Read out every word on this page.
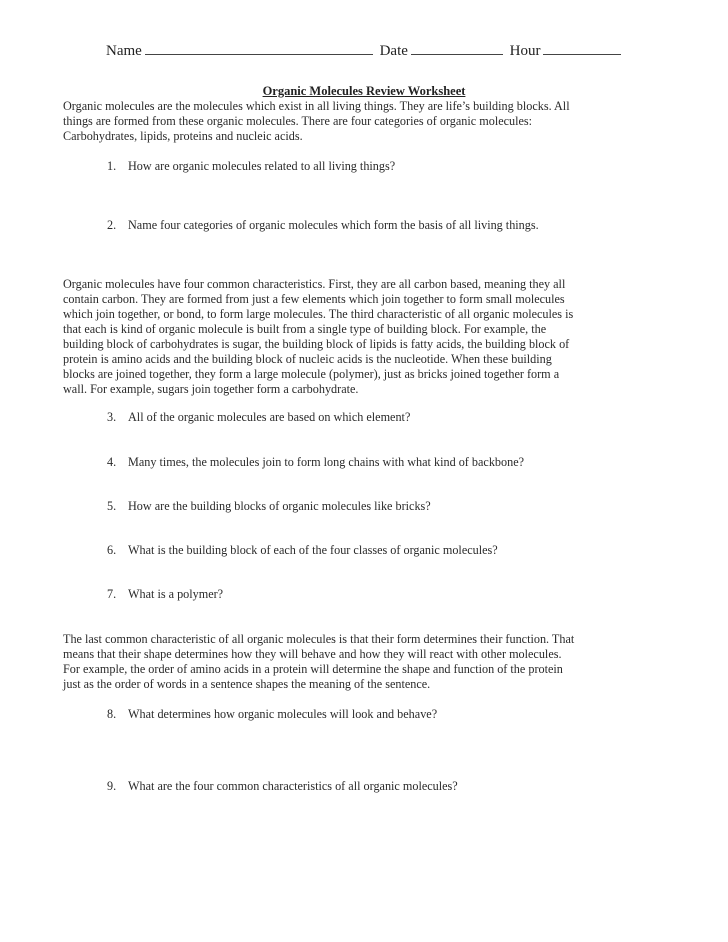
Name	Date	Hour
Organic Molecules Review Worksheet
Organic molecules are the molecules which exist in all living things. They are life’s building blocks. All
things are formed from these organic molecules. There are four categories of organic molecules:
Carbohydrates, lipids, proteins and nucleic acids.
1. How are organic molecules related to all living things?
2. Name four categories of organic molecules which form the basis of all living things.
Organic molecules have four common characteristics. First, they are all carbon based, meaning they all
contain carbon. They are formed from just a few elements which join together to form small molecules
which join together, or bond, to form large molecules. The third characteristic of all organic molecules is
that each is kind of organic molecule is built from a single type of building block. For example, the
building block of carbohydrates is sugar, the building block of lipids is fatty acids, the building block of
protein is amino acids and the building block of nucleic acids is the nucleotide. When these building
blocks are joined together, they form a large molecule (polymer), just as bricks joined together form a
wall. For example, sugars join together form a carbohydrate.
3. All of the organic molecules are based on which element?
4. Many times, the molecules join to form long chains with what kind of backbone?
5. How are the building blocks of organic molecules like bricks?
6. What is the building block of each of the four classes of organic molecules?
7. What is a polymer?
The last common characteristic of all organic molecules is that their form determines their function. That
means that their shape determines how they will behave and how they will react with other molecules.
For example, the order of amino acids in a protein will determine the shape and function of the protein
just as the order of words in a sentence shapes the meaning of the sentence.
8. What determines how organic molecules will look and behave?
9. What are the four common characteristics of all organic molecules?
